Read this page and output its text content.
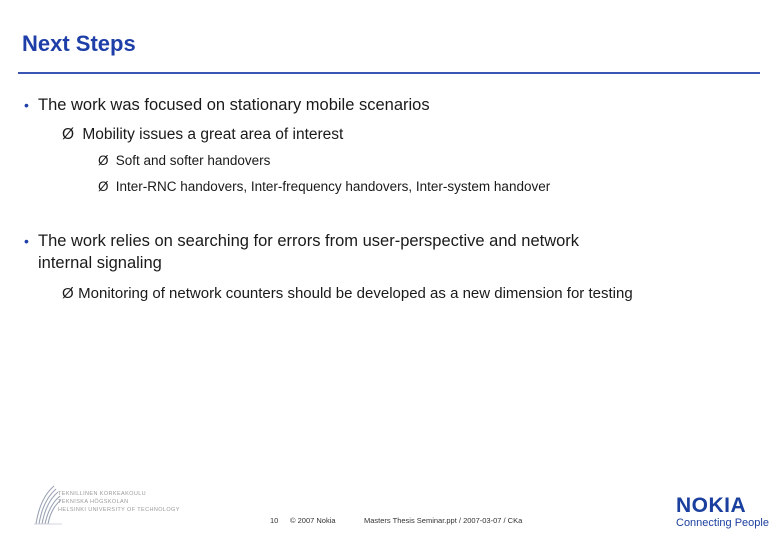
Next Steps
• The work was focused on stationary mobile scenarios
Ø Mobility issues a great area of interest
Ø Soft and softer handovers
Ø Inter-RNC handovers, Inter-frequency handovers, Inter-system handover
• The work relies on searching for errors from user-perspective and network
internal signaling
Ø Monitoring of network counters should be developed as a new dimension for testing
TEKNILLINEN KORKEAKOULU
TEKNISKA HÖGSKOLAN
HELSINKI UNIVERSITY OF TECHNOLOGY
10 © 2007 Nokia	Masters Thesis Seminar.ppt / 2007-03-07 / CKa
NOKIA
Connecting People
